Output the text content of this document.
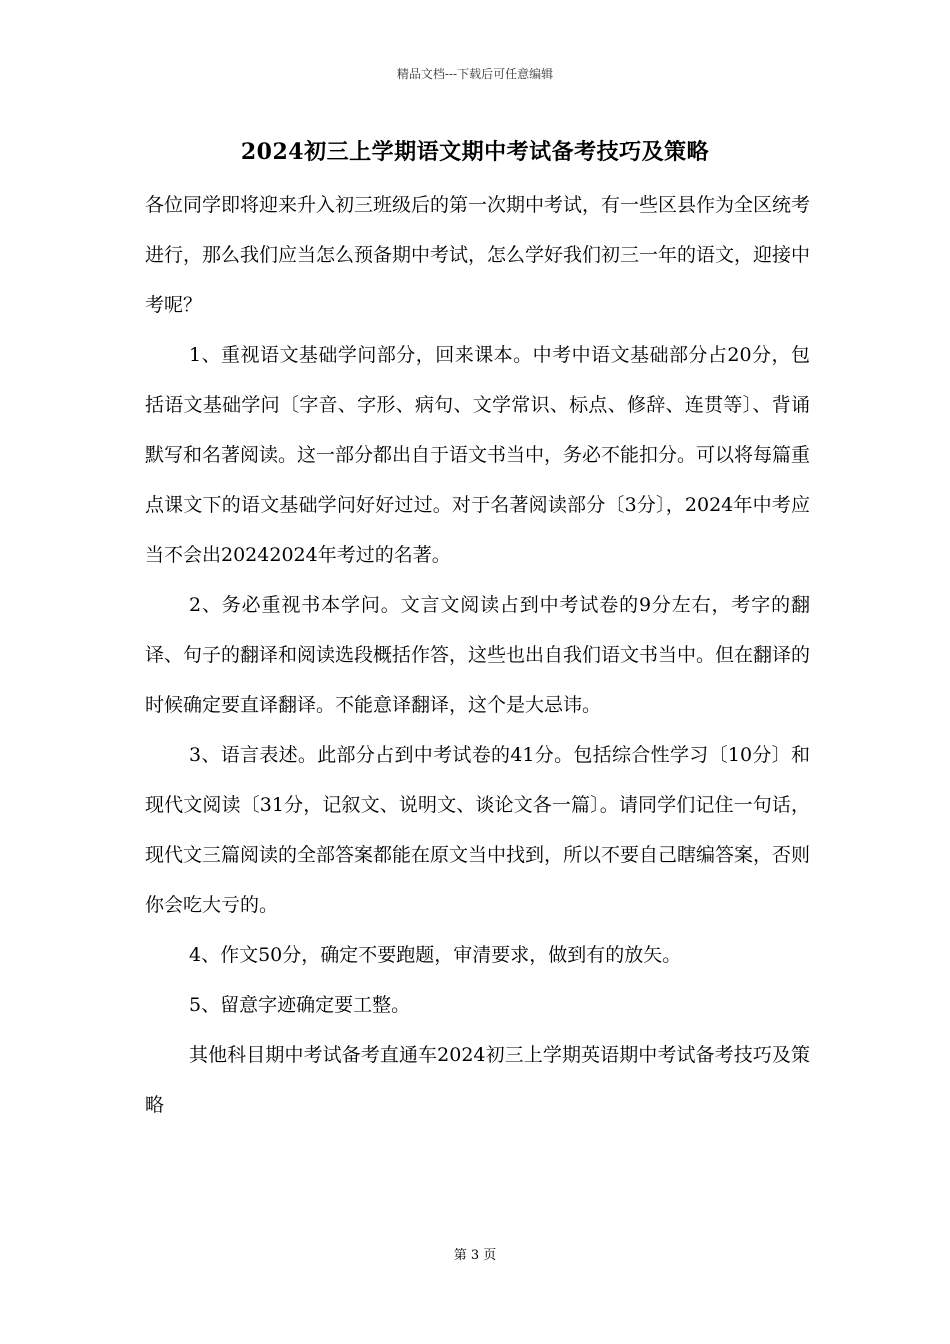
精品文档---下载后可任意编辑
2024初三上学期语文期中考试备考技巧及策略

各位同学即将迎来升入初三班级后的第一次期中考试，有一些区县作为全区统考进行，那么我们应当怎么预备期中考试，怎么学好我们初三一年的语文，迎接中考呢？

1、重视语文基础学问部分，回来课本。中考中语文基础部分占20分，包括语文基础学问〔字音、字形、病句、文学常识、标点、修辞、连贯等〕、背诵默写和名著阅读。这一部分都出自于语文书当中，务必不能扣分。可以将每篇重点课文下的语文基础学问好好过过。对于名著阅读部分〔3分〕，2024年中考应当不会出20242024年考过的名著。

2、务必重视书本学问。文言文阅读占到中考试卷的9分左右，考字的翻译、句子的翻译和阅读选段概括作答，这些也出自我们语文书当中。但在翻译的时候确定要直译翻译。不能意译翻译，这个是大忌讳。

3、语言表述。此部分占到中考试卷的41分。包括综合性学习〔10分〕和现代文阅读〔31分，记叙文、说明文、谈论文各一篇〕。请同学们记住一句话，现代文三篇阅读的全部答案都能在原文当中找到，所以不要自己瞎编答案，否则你会吃大亏的。

4、作文50分，确定不要跑题，审清要求，做到有的放矢。

5、留意字迹确定要工整。

其他科目期中考试备考直通车2024初三上学期英语期中考试备考技巧及策略

第 3 页
